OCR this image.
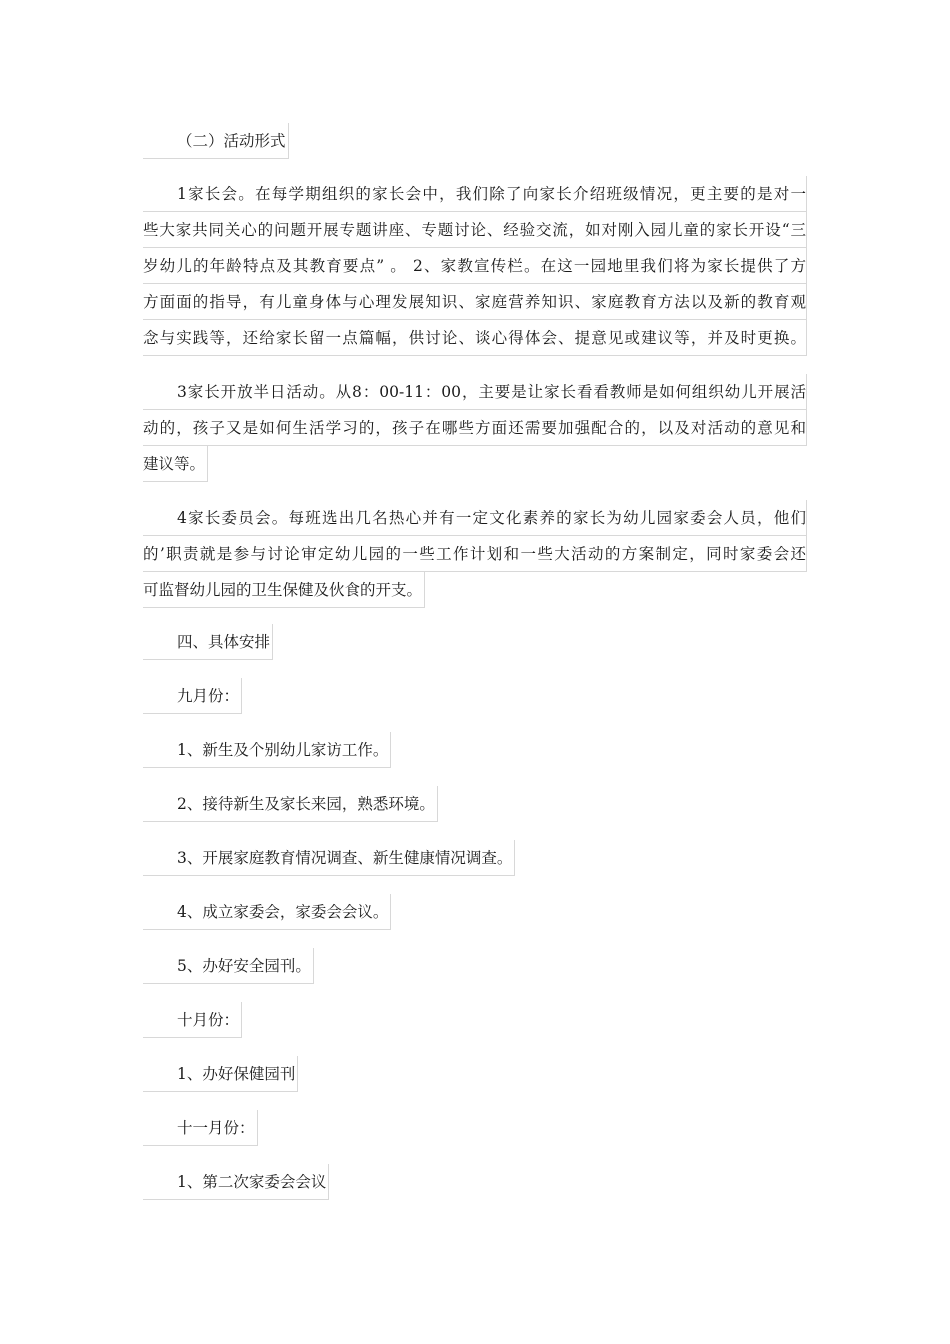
（二）活动形式
1家长会。在每学期组织的家长会中，我们除了向家长介绍班级情况，更主要的是对一
些大家共同关心的问题开展专题讲座、专题讨论、经验交流，如对刚入园儿童的家长开设“三
岁幼儿的年龄特点及其教育要点” 。 2、家教宣传栏。在这一园地里我们将为家长提供了方
方面面的指导，有儿童身体与心理发展知识、家庭营养知识、家庭教育方法以及新的教育观
念与实践等，还给家长留一点篇幅，供讨论、谈心得体会、提意见或建议等，并及时更换。
3家长开放半日活动。从8：00-11：00，主要是让家长看看教师是如何组织幼儿开展活
动的，孩子又是如何生活学习的，孩子在哪些方面还需要加强配合的，以及对活动的意见和
建议等。
4家长委员会。每班选出几名热心并有一定文化素养的家长为幼儿园家委会人员，他们
的’职责就是参与讨论审定幼儿园的一些工作计划和一些大活动的方案制定，同时家委会还
可监督幼儿园的卫生保健及伙食的开支。
四、具体安排
九月份：
1、新生及个别幼儿家访工作。
2、接待新生及家长来园，熟悉环境。
3、开展家庭教育情况调查、新生健康情况调查。
4、成立家委会，家委会会议。
5、办好安全园刊。
十月份：
1、办好保健园刊
十一月份：
1、第二次家委会会议
